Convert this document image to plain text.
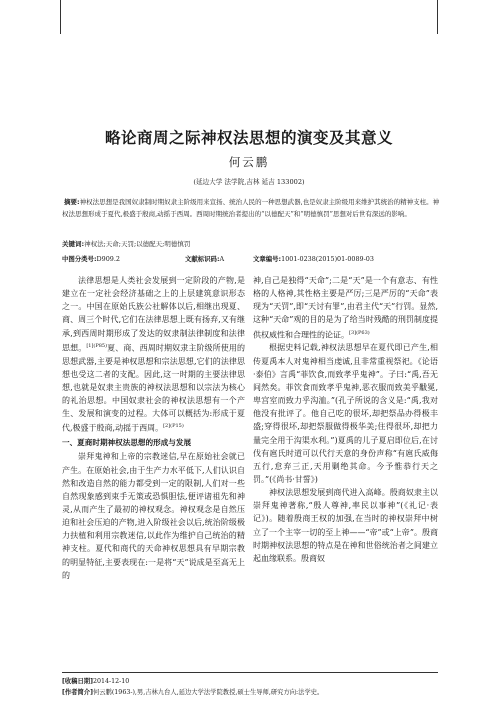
略论商周之际神权法思想的演变及其意义
何云鹏
(延边大学 法学院,吉林 延吉 133002)

摘要:神权法思想是我国奴隶制时期奴隶主阶级用来宣扬、统治人民的一种思想武器,也是奴隶主阶级用来维护其统治的精神支柱。神权法思想形成于夏代,极盛于殷商,动摇于西周。西周时期统治者提出的“以德配天”和“明德慎罚”思想对后世有深远的影响。

关键词:神权法;天命;天罚;以德配天;明德慎罚
中图分类号:D909.2	文献标识码:A	文章编号:1001-0238(2015)01-0089-03

法律思想是人类社会发展到一定阶段的产物,是建立在一定社会经济基础之上的上层建筑意识形态之一。中国在原始氏族公社解体以后,相继出现夏、商、周三个时代,它们在法律思想上既有扬弃,又有继承,到西周时期形成了发达的奴隶制法律制度和法律思想。$^{[1](P85)}$夏、商、西周时期奴隶主阶级所使用的思想武器,主要是神权思想和宗法思想,它们的法律思想也受这二者的支配。因此,这一时期的主要法律思想,也就是奴隶主贵族的神权法思想和以宗法为核心的礼治思想。中国奴隶社会的神权法思想有一个产生、发展和演变的过程。大体可以概括为:形成于夏代,极盛于殷商,动摇于西周。$^{[2](P15)}$

一、夏商时期神权法思想的形成与发展

崇拜鬼神和上帝的宗教迷信,早在原始社会就已产生。在原始社会,由于生产力水平低下,人们认识自然和改造自然的能力都受到一定的限制,人们对一些自然现象感到束手无策或恐惧胆怯,便评诸祖先和神灵,从而产生了最初的神权观念。神权观念是自然压迫和社会压迫的产物,进入阶级社会以后,统治阶级极力扶植和利用宗教迷信,以此作为维护自己统治的精神支柱。夏代和商代的天命神权思想具有早期宗教的明显特征,主要表现在:一是将“天”说成是至高无上的

神,自己是独得“天命”;二是“天”是一个有意志、有性格的人格神,其性格主要是严厉;三是严厉的“天命”表现为“天罚”,即“天讨有罪”,由君主代“天”行罚。显然,这种“天命”观的目的是为了给当时残酷的刑罚制度提供权威性和合理性的论证。$^{[3](P63)}$

根据史料记载,神权法思想早在夏代即已产生,相传夏禹本人对鬼神相当虔诚,且非常重视祭祀。《论语·泰伯》言禹“菲饮食,而致孝乎鬼神”。子曰:“禹,吾无间然矣。菲饮食而致孝乎鬼神,恶衣服而致美乎黻冕,卑宫室而致力乎沟洫。”(孔子所说的含义是:“禹,我对他没有批评了。他自己吃的很坏,却把祭品办得极丰盛;穿得很坏,却把祭服做得极华美;住得很坏,却把力量完全用于沟渠水利。”)夏禹的儿子夏启即位后,在讨伐有扈氏时道可以代行天意的身份声称“有扈氏威侮五行,怠弃三正,天用剿绝其命。今予惟恭行天之罚。”(《尚书·甘誓》)

神权法思想发展到商代进入高峰。殷商奴隶主以崇拜鬼神著称,“殷人尊神,率民以事神”(《礼记·表记》)。随着殷商王权的加强,在当时的神权崇拜中树立了一个主宰一切的至上神——“帝”或“上帝”。殷商时期神权法思想的特点是在神和世俗统治者之间建立起血缘联系。殷商奴

[收稿日期]2014-12-10
[作者简介]何云鹏(1963-),男,吉林九台人,延边大学法学院教授,硕士生导师,研究方向:法学史。
